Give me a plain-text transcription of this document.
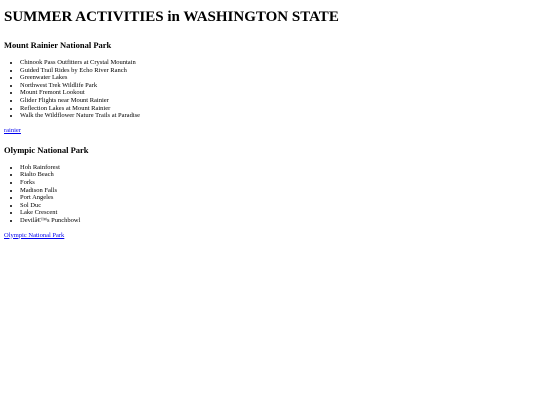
SUMMER ACTIVITIES in WASHINGTON STATE
Mount Rainier National Park
• Chinook Pass Outfitters at Crystal Mountain
• Guided Trail Rides by Echo River Ranch
• Greenwater Lakes
• Northwest Trek Wildlife Park
• Mount Fremont Lookout
• Glider Flights near Mount Rainier
• Reflection Lakes at Mount Rainier
• Walk the Wildflower Nature Trails at Paradise

rainier

Olympic National Park
• Hoh Rainforest
• Rialto Beach
• Forks
• Madison Falls
• Port Angeles
• Sol Duc
• Lake Crescent
• Devilâ€™s Punchbowl

Olympic National Park
